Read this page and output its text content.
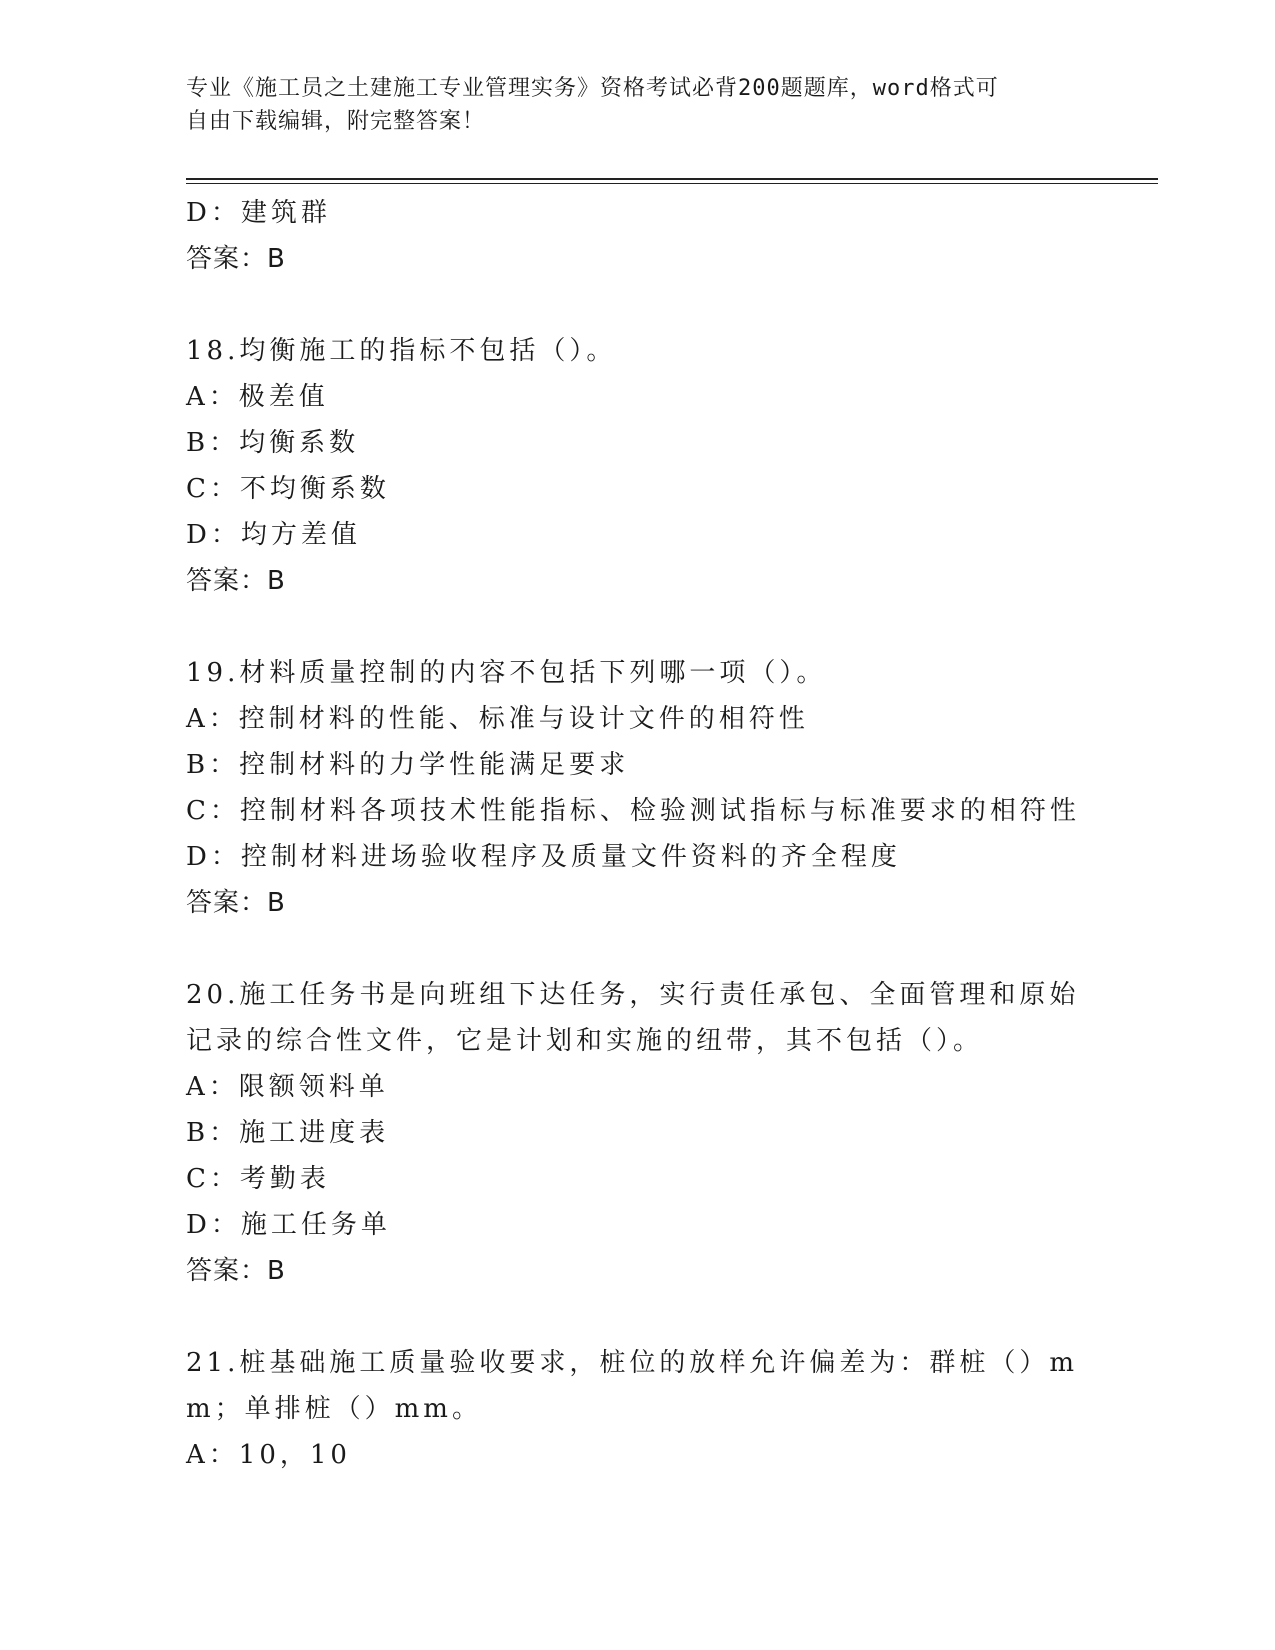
专业《施工员之土建施工专业管理实务》资格考试必背200题题库，word格式可
自由下载编辑，附完整答案！
D：建筑群
答案：B
18.均衡施工的指标不包括（）。
A：极差值
B：均衡系数
C：不均衡系数
D：均方差值
答案：B
19.材料质量控制的内容不包括下列哪一项（）。
A：控制材料的性能、标准与设计文件的相符性
B：控制材料的力学性能满足要求
C：控制材料各项技术性能指标、检验测试指标与标准要求的相符性
D：控制材料进场验收程序及质量文件资料的齐全程度
答案：B
20.施工任务书是向班组下达任务，实行责任承包、全面管理和原始记录的综合性文件，它是计划和实施的纽带，其不包括（）。
A：限额领料单
B：施工进度表
C：考勤表
D：施工任务单
答案：B
21.桩基础施工质量验收要求，桩位的放样允许偏差为：群桩（）mm；单排桩（）mm。
A：10，10
